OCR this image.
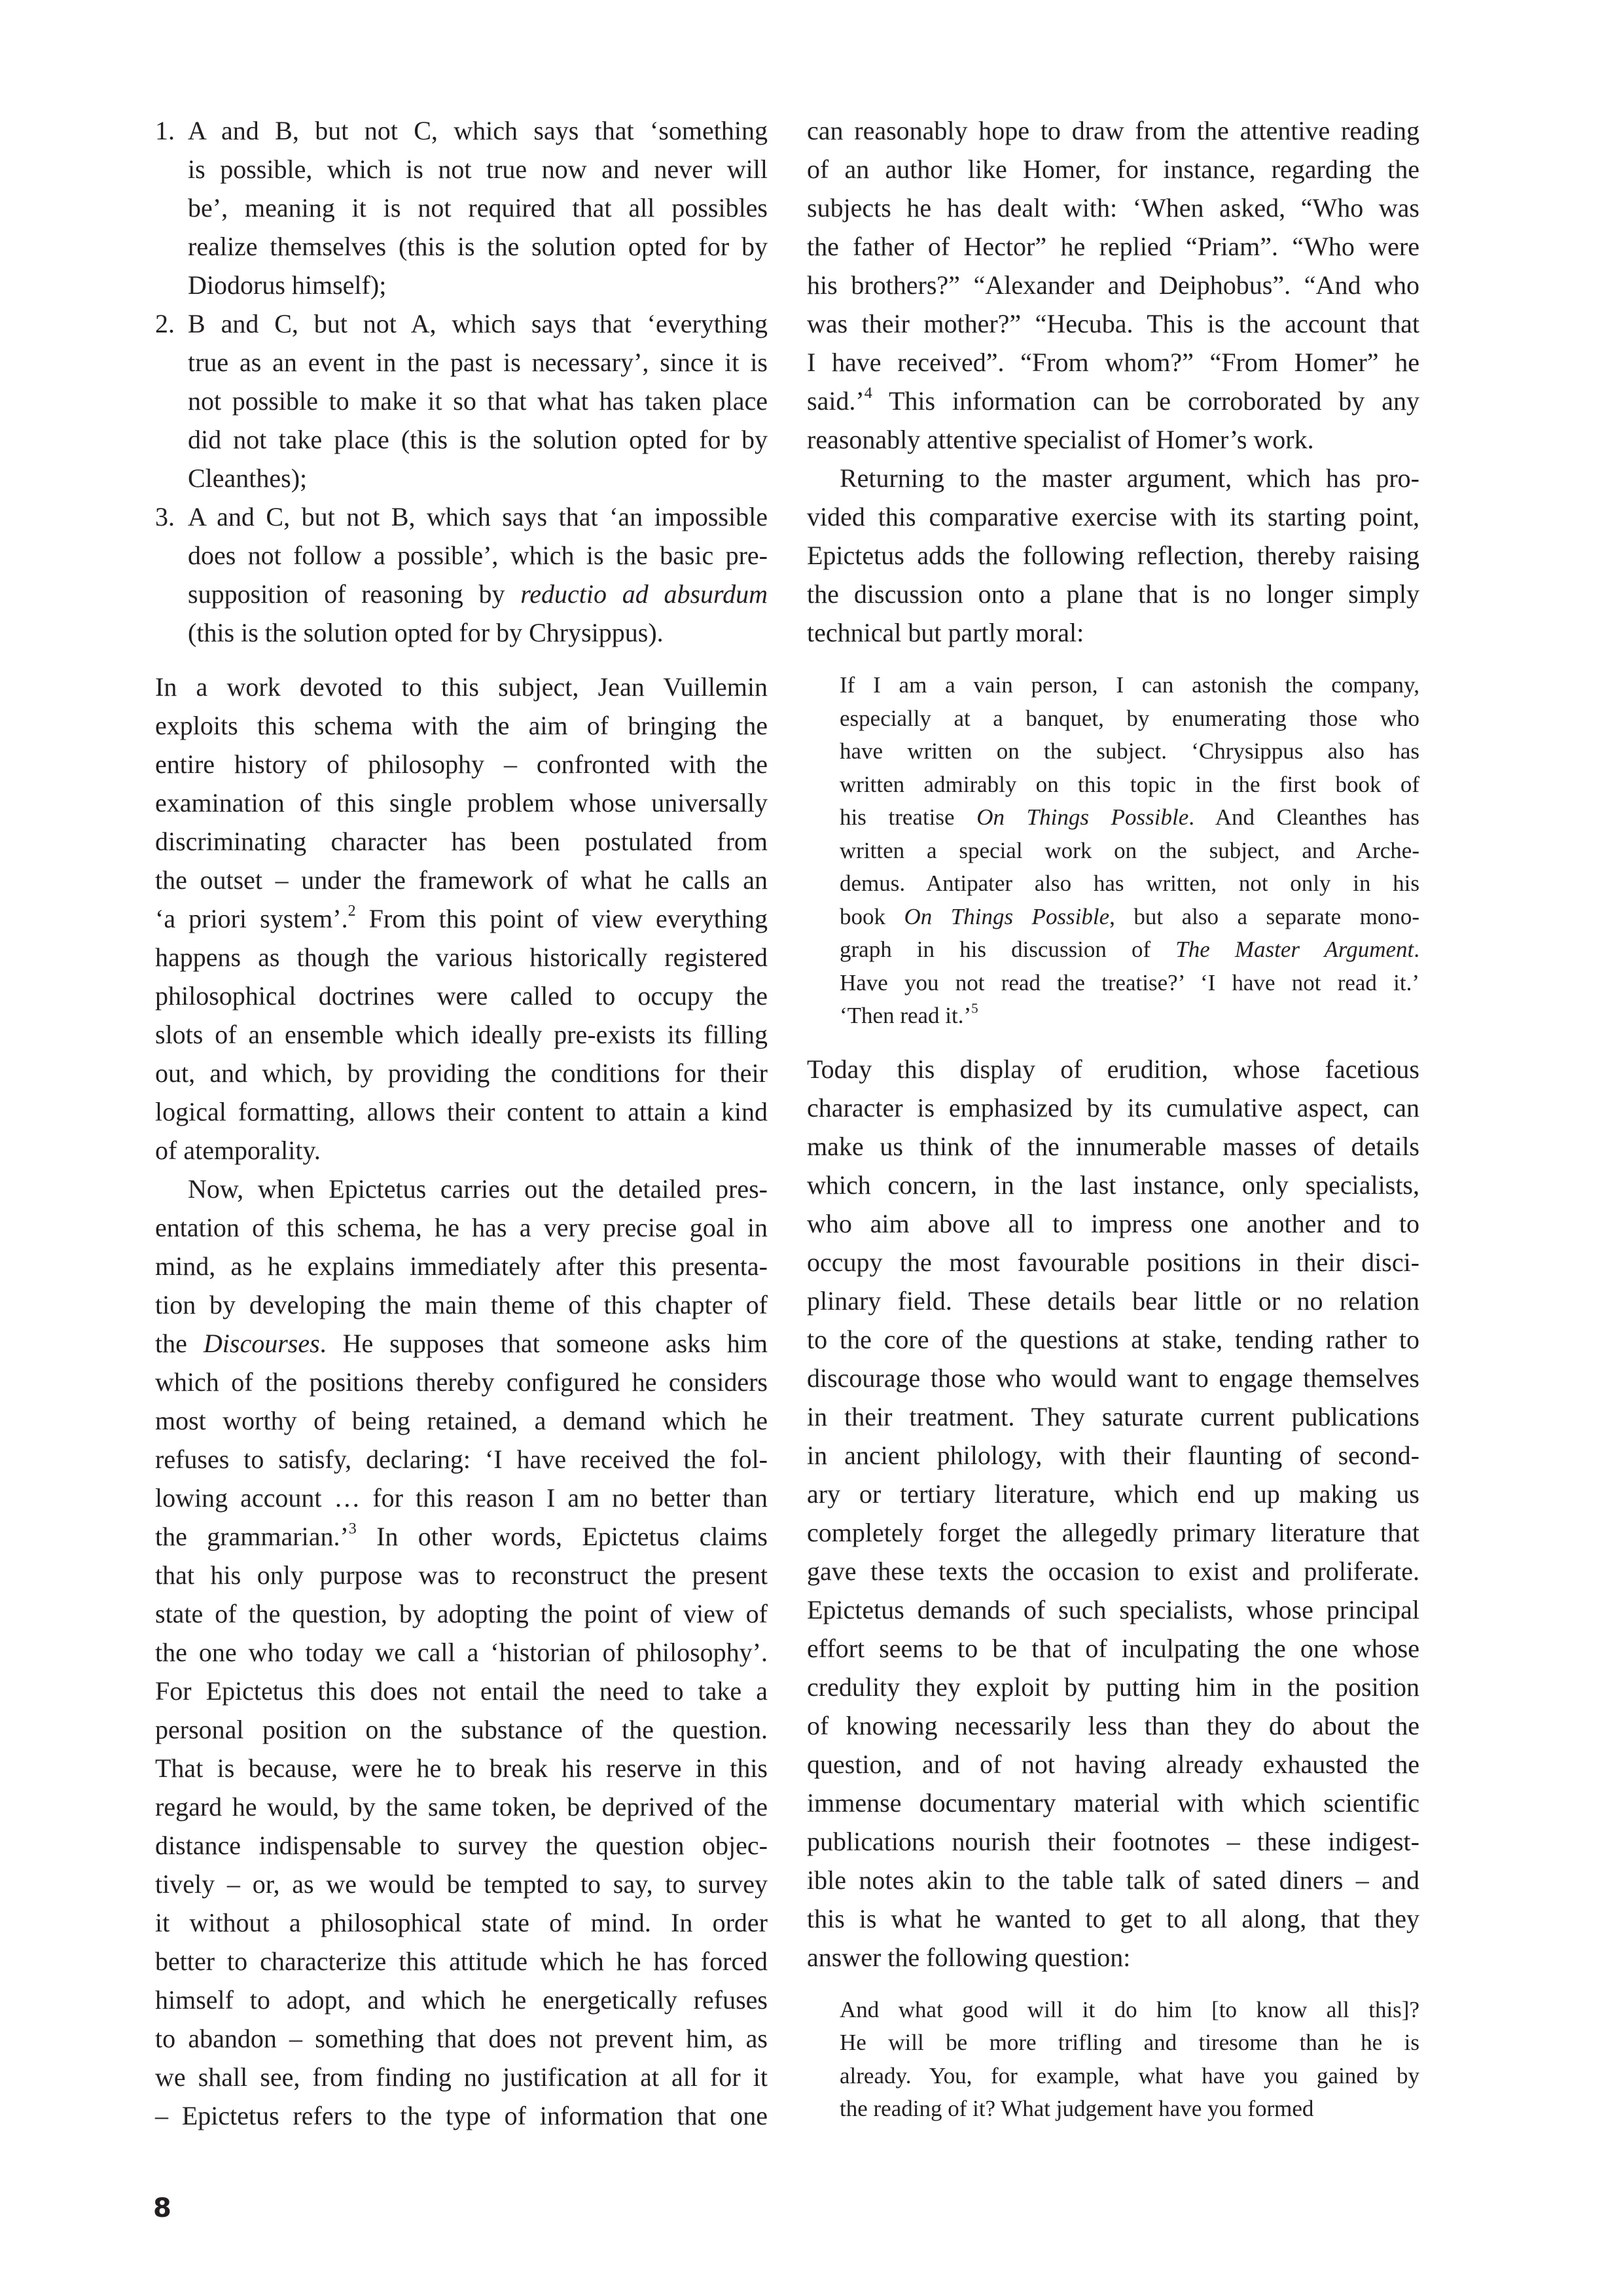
1. A and B, but not C, which says that ‘something
is possible, which is not true now and never will
be’, meaning it is not required that all possibles
realize themselves (this is the solution opted for by
Diodorus himself);
2. B and C, but not A, which says that ‘everything
true as an event in the past is necessary’, since it is
not possible to make it so that what has taken place
did not take place (this is the solution opted for by
Cleanthes);
3. A and C, but not B, which says that ‘an impossible
does not follow a possible’, which is the basic pre-
supposition of reasoning by reductio ad absurdum
(this is the solution opted for by Chrysippus).
In a work devoted to this subject, Jean Vuillemin
exploits this schema with the aim of bringing the
entire history of philosophy – confronted with the
examination of this single problem whose universally
discriminating character has been postulated from
the outset – under the framework of what he calls an
‘a priori system’.$^2$ From this point of view everything
happens as though the various historically registered
philosophical doctrines were called to occupy the
slots of an ensemble which ideally pre-exists its filling
out, and which, by providing the conditions for their
logical formatting, allows their content to attain a kind
of atemporality.
Now, when Epictetus carries out the detailed pres-
entation of this schema, he has a very precise goal in
mind, as he explains immediately after this presenta-
tion by developing the main theme of this chapter of
the Discourses. He supposes that someone asks him
which of the positions thereby configured he considers
most worthy of being retained, a demand which he
refuses to satisfy, declaring: ‘I have received the fol-
lowing account … for this reason I am no better than
the grammarian.’$^3$ In other words, Epictetus claims
that his only purpose was to reconstruct the present
state of the question, by adopting the point of view of
the one who today we call a ‘historian of philosophy’.
For Epictetus this does not entail the need to take a
personal position on the substance of the question.
That is because, were he to break his reserve in this
regard he would, by the same token, be deprived of the
distance indispensable to survey the question objec-
tively – or, as we would be tempted to say, to survey
it without a philosophical state of mind. In order
better to characterize this attitude which he has forced
himself to adopt, and which he energetically refuses
to abandon – something that does not prevent him, as
we shall see, from finding no justification at all for it
– Epictetus refers to the type of information that one
can reasonably hope to draw from the attentive reading
of an author like Homer, for instance, regarding the
subjects he has dealt with: ‘When asked, “Who was
the father of Hector” he replied “Priam”. “Who were
his brothers?” “Alexander and Deiphobus”. “And who
was their mother?” “Hecuba. This is the account that
I have received”. “From whom?” “From Homer” he
said.’$^4$ This information can be corroborated by any
reasonably attentive specialist of Homer’s work.
Returning to the master argument, which has pro-
vided this comparative exercise with its starting point,
Epictetus adds the following reflection, thereby raising
the discussion onto a plane that is no longer simply
technical but partly moral:
If I am a vain person, I can astonish the company,
especially at a banquet, by enumerating those who
have written on the subject. ‘Chrysippus also has
written admirably on this topic in the first book of
his treatise On Things Possible. And Cleanthes has
written a special work on the subject, and Arche-
demus. Antipater also has written, not only in his
book On Things Possible, but also a separate mono-
graph in his discussion of The Master Argument.
Have you not read the treatise?’ ‘I have not read it.’
‘Then read it.’$^5$
Today this display of erudition, whose facetious
character is emphasized by its cumulative aspect, can
make us think of the innumerable masses of details
which concern, in the last instance, only specialists,
who aim above all to impress one another and to
occupy the most favourable positions in their disci-
plinary field. These details bear little or no relation
to the core of the questions at stake, tending rather to
discourage those who would want to engage themselves
in their treatment. They saturate current publications
in ancient philology, with their flaunting of second-
ary or tertiary literature, which end up making us
completely forget the allegedly primary literature that
gave these texts the occasion to exist and proliferate.
Epictetus demands of such specialists, whose principal
effort seems to be that of inculpating the one whose
credulity they exploit by putting him in the position
of knowing necessarily less than they do about the
question, and of not having already exhausted the
immense documentary material with which scientific
publications nourish their footnotes – these indigest-
ible notes akin to the table talk of sated diners – and
this is what he wanted to get to all along, that they
answer the following question:
And what good will it do him [to know all this]?
He will be more trifling and tiresome than he is
already. You, for example, what have you gained by
the reading of it? What judgement have you formed
8
